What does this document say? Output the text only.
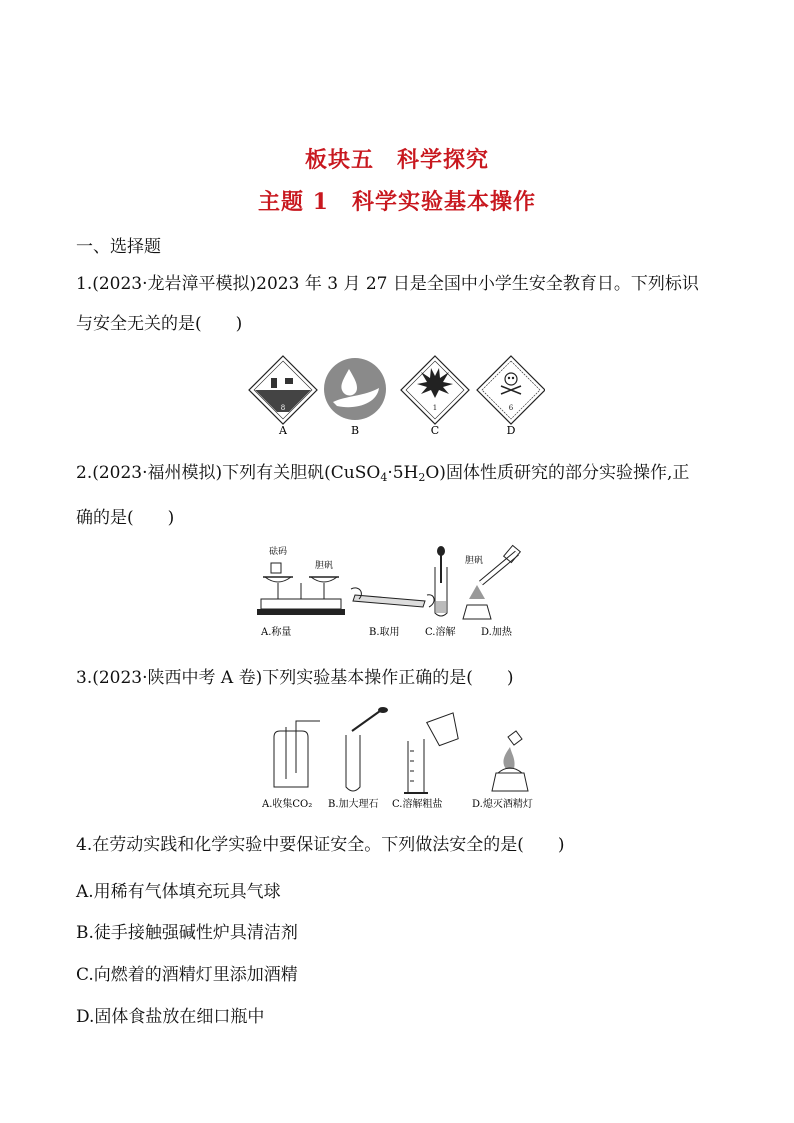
板块五　科学探究
主题 1　科学实验基本操作
一、选择题
1.(2023·龙岩漳平模拟)2023 年 3 月 27 日是全国中小学生安全教育日。下列标识
与安全无关的是(　　)
8	1	6
A	B	C	D
2.(2023·福州模拟)下列有关胆矾$(CuSO_4\cdot 5H_2O)$固体性质研究的部分实验操作,正
确的是(　　)
砝码
胆矾	胆矾
A.称量	B.取用	C.溶解	D.加热
3.(2023·陕西中考 A 卷)下列实验基本操作正确的是(　　)
A.收集CO₂ B.加大理石 C.溶解粗盐	D.熄灭酒精灯
4.在劳动实践和化学实验中要保证安全。下列做法安全的是(　　)
A.用稀有气体填充玩具气球
B.徒手接触强碱性炉具清洁剂
C.向燃着的酒精灯里添加酒精
D.固体食盐放在细口瓶中
